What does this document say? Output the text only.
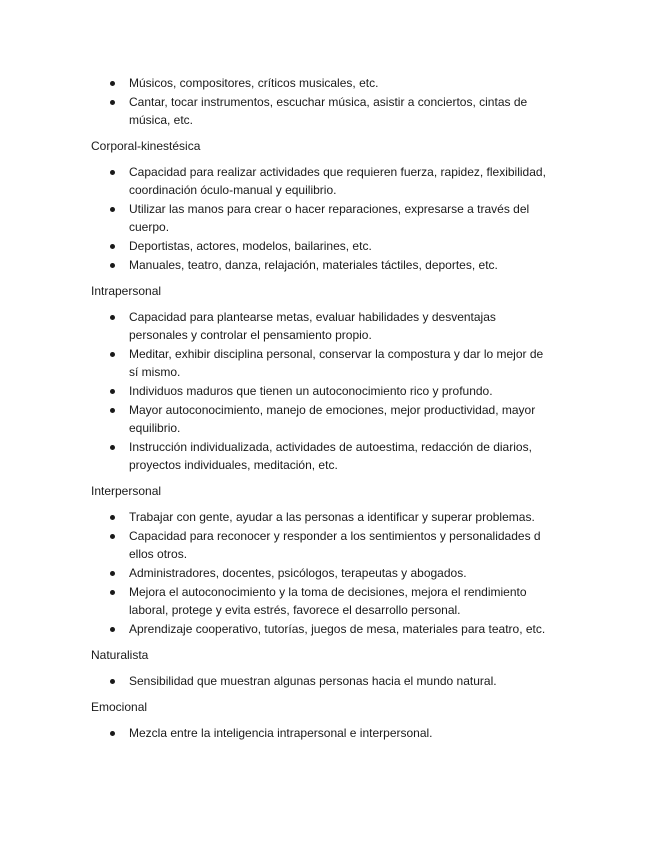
Músicos, compositores, críticos musicales, etc.
Cantar, tocar instrumentos, escuchar música, asistir a conciertos, cintas de
música, etc.

Corporal-kinestésica

Capacidad para realizar actividades que requieren fuerza, rapidez, flexibilidad,
coordinación óculo-manual y equilibrio.
Utilizar las manos para crear o hacer reparaciones, expresarse a través del
cuerpo.
Deportistas, actores, modelos, bailarines, etc.
Manuales, teatro, danza, relajación, materiales táctiles, deportes, etc.

Intrapersonal

Capacidad para plantearse metas, evaluar habilidades y desventajas
personales y controlar el pensamiento propio.
Meditar, exhibir disciplina personal, conservar la compostura y dar lo mejor de
sí mismo.
Individuos maduros que tienen un autoconocimiento rico y profundo.
Mayor autoconocimiento, manejo de emociones, mejor productividad, mayor
equilibrio.
Instrucción individualizada, actividades de autoestima, redacción de diarios,
proyectos individuales, meditación, etc.

Interpersonal

Trabajar con gente, ayudar a las personas a identificar y superar problemas.
Capacidad para reconocer y responder a los sentimientos y personalidades d
ellos otros.
Administradores, docentes, psicólogos, terapeutas y abogados.
Mejora el autoconocimiento y la toma de decisiones, mejora el rendimiento
laboral, protege y evita estrés, favorece el desarrollo personal.
Aprendizaje cooperativo, tutorías, juegos de mesa, materiales para teatro, etc.

Naturalista

Sensibilidad que muestran algunas personas hacia el mundo natural.

Emocional

Mezcla entre la inteligencia intrapersonal e interpersonal.
